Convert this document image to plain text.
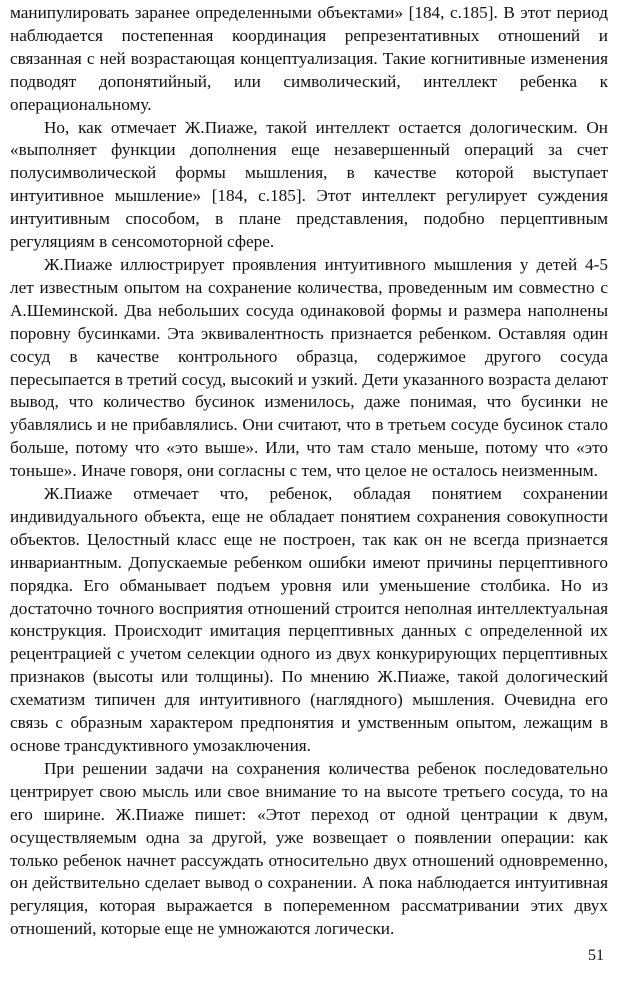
манипулировать заранее определенными объектами» [184, с.185]. В этот период наблюдается постепенная координация репрезентативных отношений и связанная с ней возрастающая концептуализация. Такие когнитивные изменения подводят допонятийный, или символический, интеллект ребенка к операциональному.

Но, как отмечает Ж.Пиаже, такой интеллект остается дологическим. Он «выполняет функции дополнения еще незавершенный операций за счет полусимволической формы мышления, в качестве которой выступает интуитивное мышление» [184, с.185]. Этот интеллект регулирует суждения интуитивным способом, в плане представления, подобно перцептивным регуляциям в сенсомоторной сфере.

Ж.Пиаже иллюстрирует проявления интуитивного мышления у детей 4-5 лет известным опытом на сохранение количества, проведенным им совместно с А.Шеминской. Два небольших сосуда одинаковой формы и размера наполнены поровну бусинками. Эта эквивалентность признается ребенком. Оставляя один сосуд в качестве контрольного образца, содержимое другого сосуда пересыпается в третий сосуд, высокий и узкий. Дети указанного возраста делают вывод, что количество бусинок изменилось, даже понимая, что бусинки не убавлялись и не прибавлялись. Они считают, что в третьем сосуде бусинок стало больше, потому что «это выше». Или, что там стало меньше, потому что «это тоньше». Иначе говоря, они согласны с тем, что целое не осталось неизменным.

Ж.Пиаже отмечает что, ребенок, обладая понятием сохранении индивидуального объекта, еще не обладает понятием сохранения совокупности объектов. Целостный класс еще не построен, так как он не всегда признается инвариантным. Допускаемые ребенком ошибки имеют причины перцептивного порядка. Его обманывает подъем уровня или уменьшение столбика. Но из достаточно точного восприятия отношений строится неполная интеллектуальная конструкция. Происходит имитация перцептивных данных с определенной их рецентрацией с учетом селекции одного из двух конкурирующих перцептивных признаков (высоты или толщины). По мнению Ж.Пиаже, такой дологический схематизм типичен для интуитивного (наглядного) мышления. Очевидна его связь с образным характером предпонятия и умственным опытом, лежащим в основе трансдуктивного умозаключения.

При решении задачи на сохранения количества ребенок последовательно центрирует свою мысль или свое внимание то на высоте третьего сосуда, то на его ширине. Ж.Пиаже пишет: «Этот переход от одной центрации к двум, осуществляемым одна за другой, уже возвещает о появлении операции: как только ребенок начнет рассуждать относительно двух отношений одновременно, он действительно сделает вывод о сохранении. А пока наблюдается интуитивная регуляция, которая выражается в попеременном рассматривании этих двух отношений, которые еще не умножаются логически.

51
